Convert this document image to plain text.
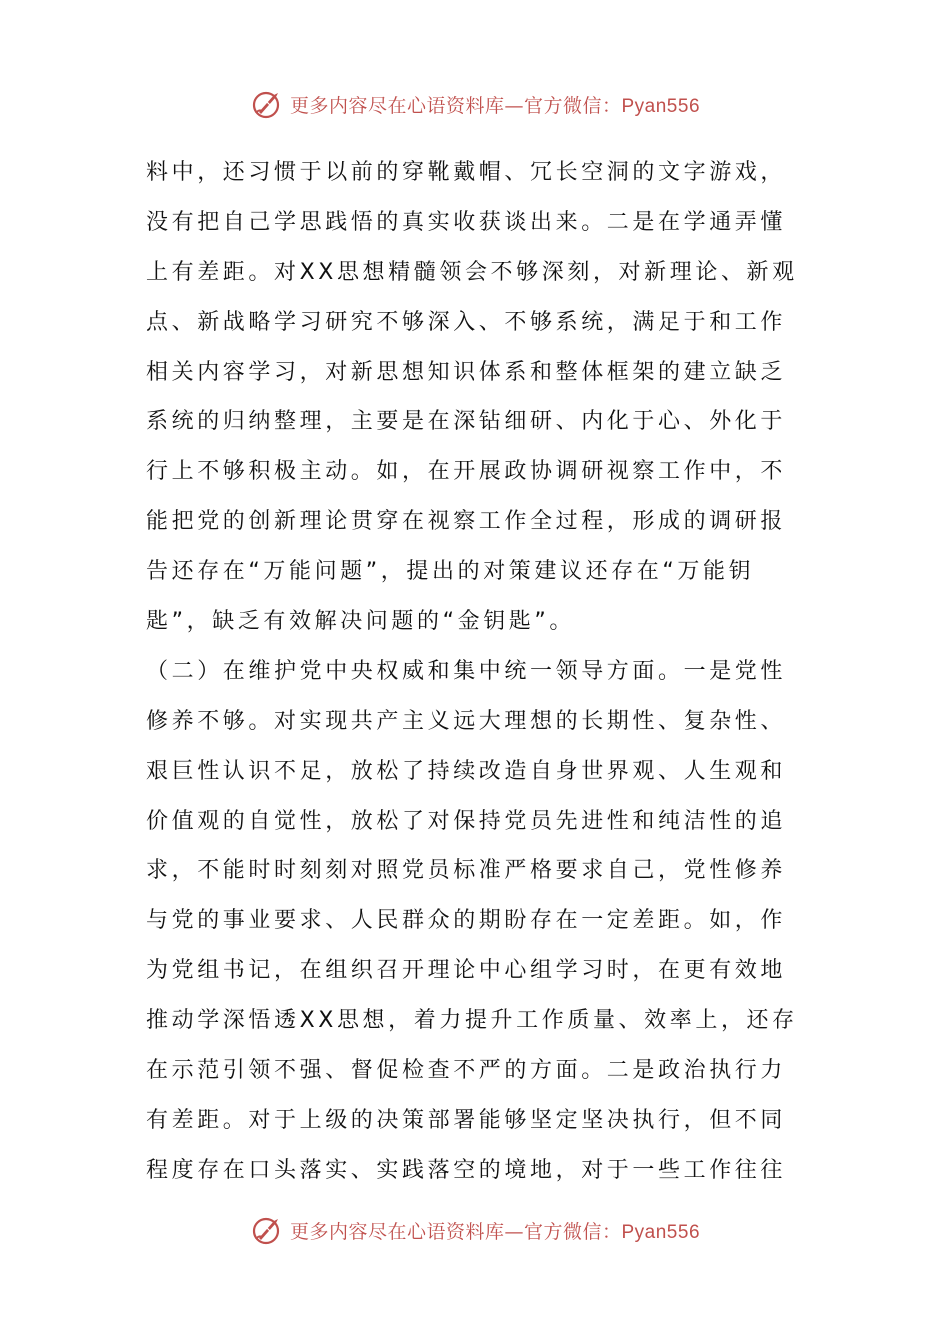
更多内容尽在心语资料库—官方微信：Pyan556
料中，还习惯于以前的穿靴戴帽、冗长空洞的文字游戏，
没有把自己学思践悟的真实收获谈出来。二是在学通弄懂
上有差距。对XX思想精髓领会不够深刻，对新理论、新观
点、新战略学习研究不够深入、不够系统，满足于和工作
相关内容学习，对新思想知识体系和整体框架的建立缺乏
系统的归纳整理，主要是在深钻细研、内化于心、外化于
行上不够积极主动。如，在开展政协调研视察工作中，不
能把党的创新理论贯穿在视察工作全过程，形成的调研报
告还存在“万能问题”，提出的对策建议还存在“万能钥
匙”，缺乏有效解决问题的“金钥匙”。
（二）在维护党中央权威和集中统一领导方面。一是党性
修养不够。对实现共产主义远大理想的长期性、复杂性、
艰巨性认识不足，放松了持续改造自身世界观、人生观和
价值观的自觉性，放松了对保持党员先进性和纯洁性的追
求，不能时时刻刻对照党员标准严格要求自己，党性修养
与党的事业要求、人民群众的期盼存在一定差距。如，作
为党组书记，在组织召开理论中心组学习时，在更有效地
推动学深悟透XX思想，着力提升工作质量、效率上，还存
在示范引领不强、督促检查不严的方面。二是政治执行力
有差距。对于上级的决策部署能够坚定坚决执行，但不同
程度存在口头落实、实践落空的境地，对于一些工作往往
更多内容尽在心语资料库—官方微信：Pyan556
